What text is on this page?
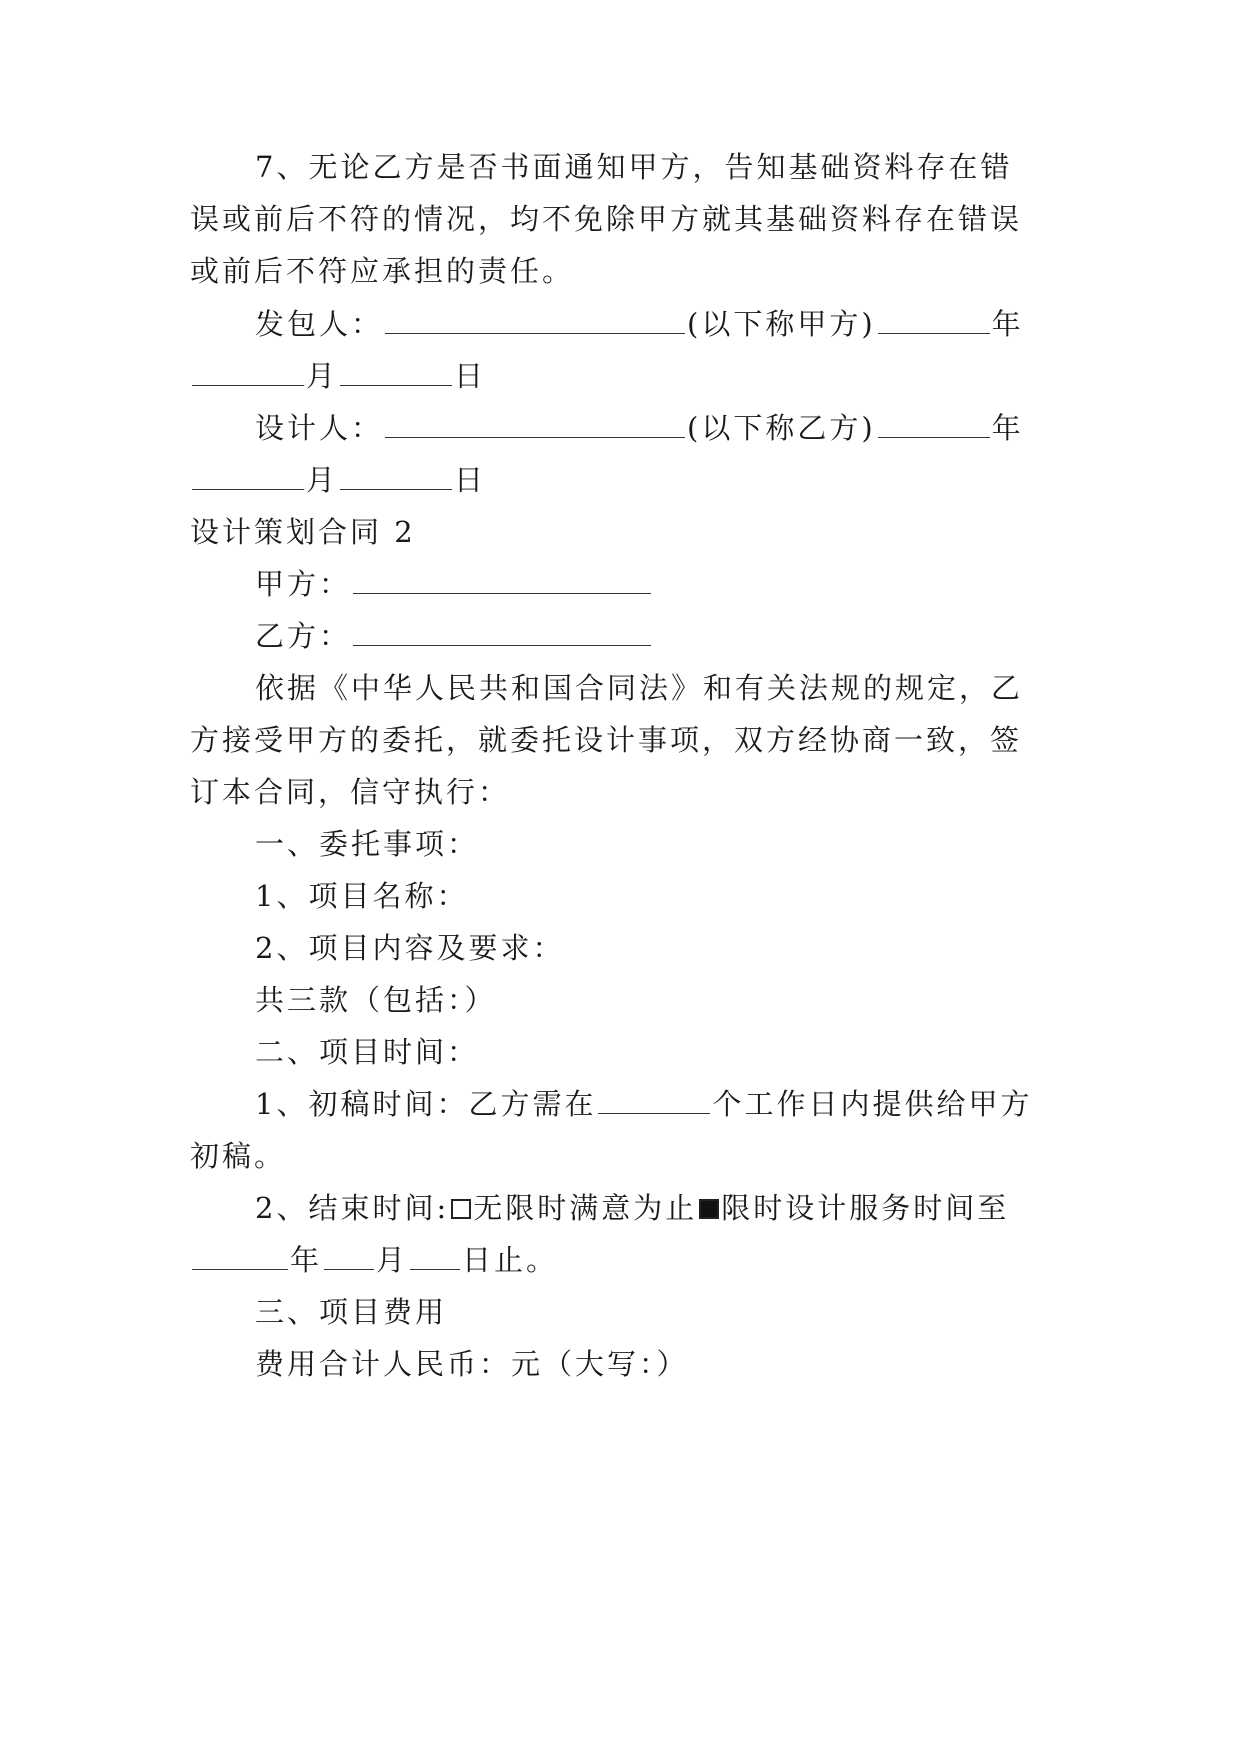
7、无论乙方是否书面通知甲方，告知基础资料存在错
误或前后不符的情况，均不免除甲方就其基础资料存在错误
或前后不符应承担的责任。
发包人：	(以下称甲方)	年
月	日
设计人：	(以下称乙方)	年
月	日
设计策划合同 2
甲方：
乙方：
依据《中华人民共和国合同法》和有关法规的规定，乙
方接受甲方的委托，就委托设计事项，双方经协商一致，签
订本合同，信守执行：
一、委托事项：
1、项目名称：
2、项目内容及要求：
共三款（包括：）
二、项目时间：
1、初稿时间：乙方需在	个工作日内提供给甲方
初稿。
2、结束时间: 无限时满意为止 限时设计服务时间至
年 月 日止。
三、项目费用
费用合计人民币：元（大写：）
